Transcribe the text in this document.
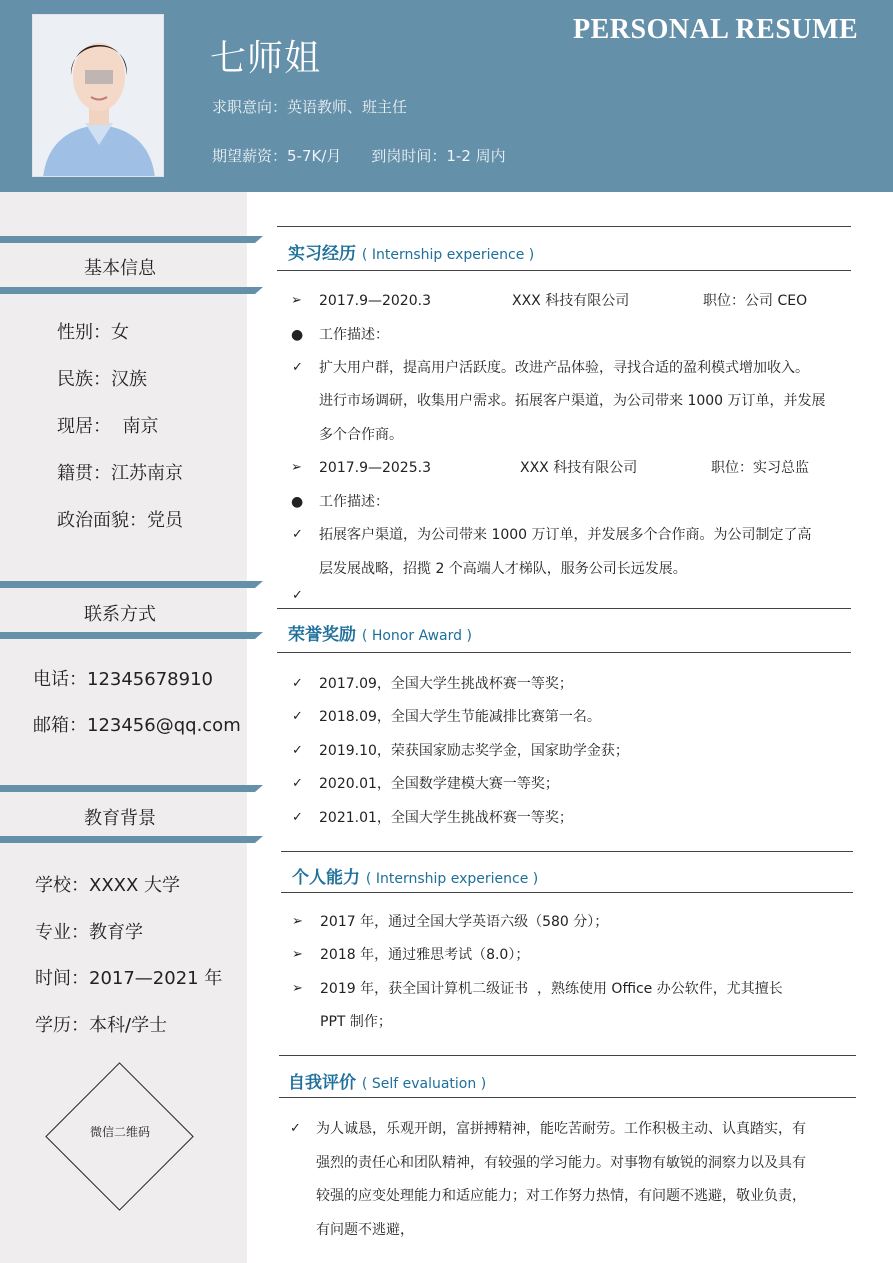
七师姐
PERSONAL RESUME
求职意向：英语教师、班主任
期望薪资：5-7K/月 到岗时间：1-2 周内
基本信息
性别：女
民族：汉族
现居：  南京
籍贯：江苏南京
政治面貌：党员
联系方式
电话：12345678910
邮箱：123456@qq.com
教育背景
学校：XXXX 大学
专业：教育学
时间：2017—2021 年
学历：本科/学士
微信二维码
实习经历 ( Internship experience )
➢ 2017.9—2020.3	XXX 科技有限公司	职位：公司 CEO
● 工作描述：
✓ 扩大用户群，提高用户活跃度。改进产品体验，寻找合适的盈利模式增加收入。
进行市场调研，收集用户需求。拓展客户渠道，为公司带来 1000 万订单，并发展
多个合作商。
➢ 2017.9—2025.3	XXX 科技有限公司	职位：实习总监
● 工作描述：
✓ 拓展客户渠道，为公司带来 1000 万订单，并发展多个合作商。为公司制定了高
层发展战略，招揽 2 个高端人才梯队，服务公司长远发展。
✓
荣誉奖励 ( Honor Award )
✓ 2017.09，全国大学生挑战杯赛一等奖；
✓ 2018.09，全国大学生节能减排比赛第一名。
✓ 2019.10，荣获国家励志奖学金，国家助学金获；
✓ 2020.01，全国数学建模大赛一等奖；
✓ 2021.01，全国大学生挑战杯赛一等奖；
个人能力 ( Internship experience )
➢ 2017 年，通过全国大学英语六级（580 分）；
➢ 2018 年，通过雅思考试（8.0）；
➢ 2019 年，获全国计算机二级证书  ，熟练使用 Office 办公软件，尤其擅长
PPT 制作；
自我评价 ( Self evaluation )
✓ 为人诚恳，乐观开朗，富拼搏精神，能吃苦耐劳。工作积极主动、认真踏实，有
强烈的责任心和团队精神，有较强的学习能力。对事物有敏锐的洞察力以及具有
较强的应变处理能力和适应能力；对工作努力热情，有问题不逃避，敬业负责，
有问题不逃避，
